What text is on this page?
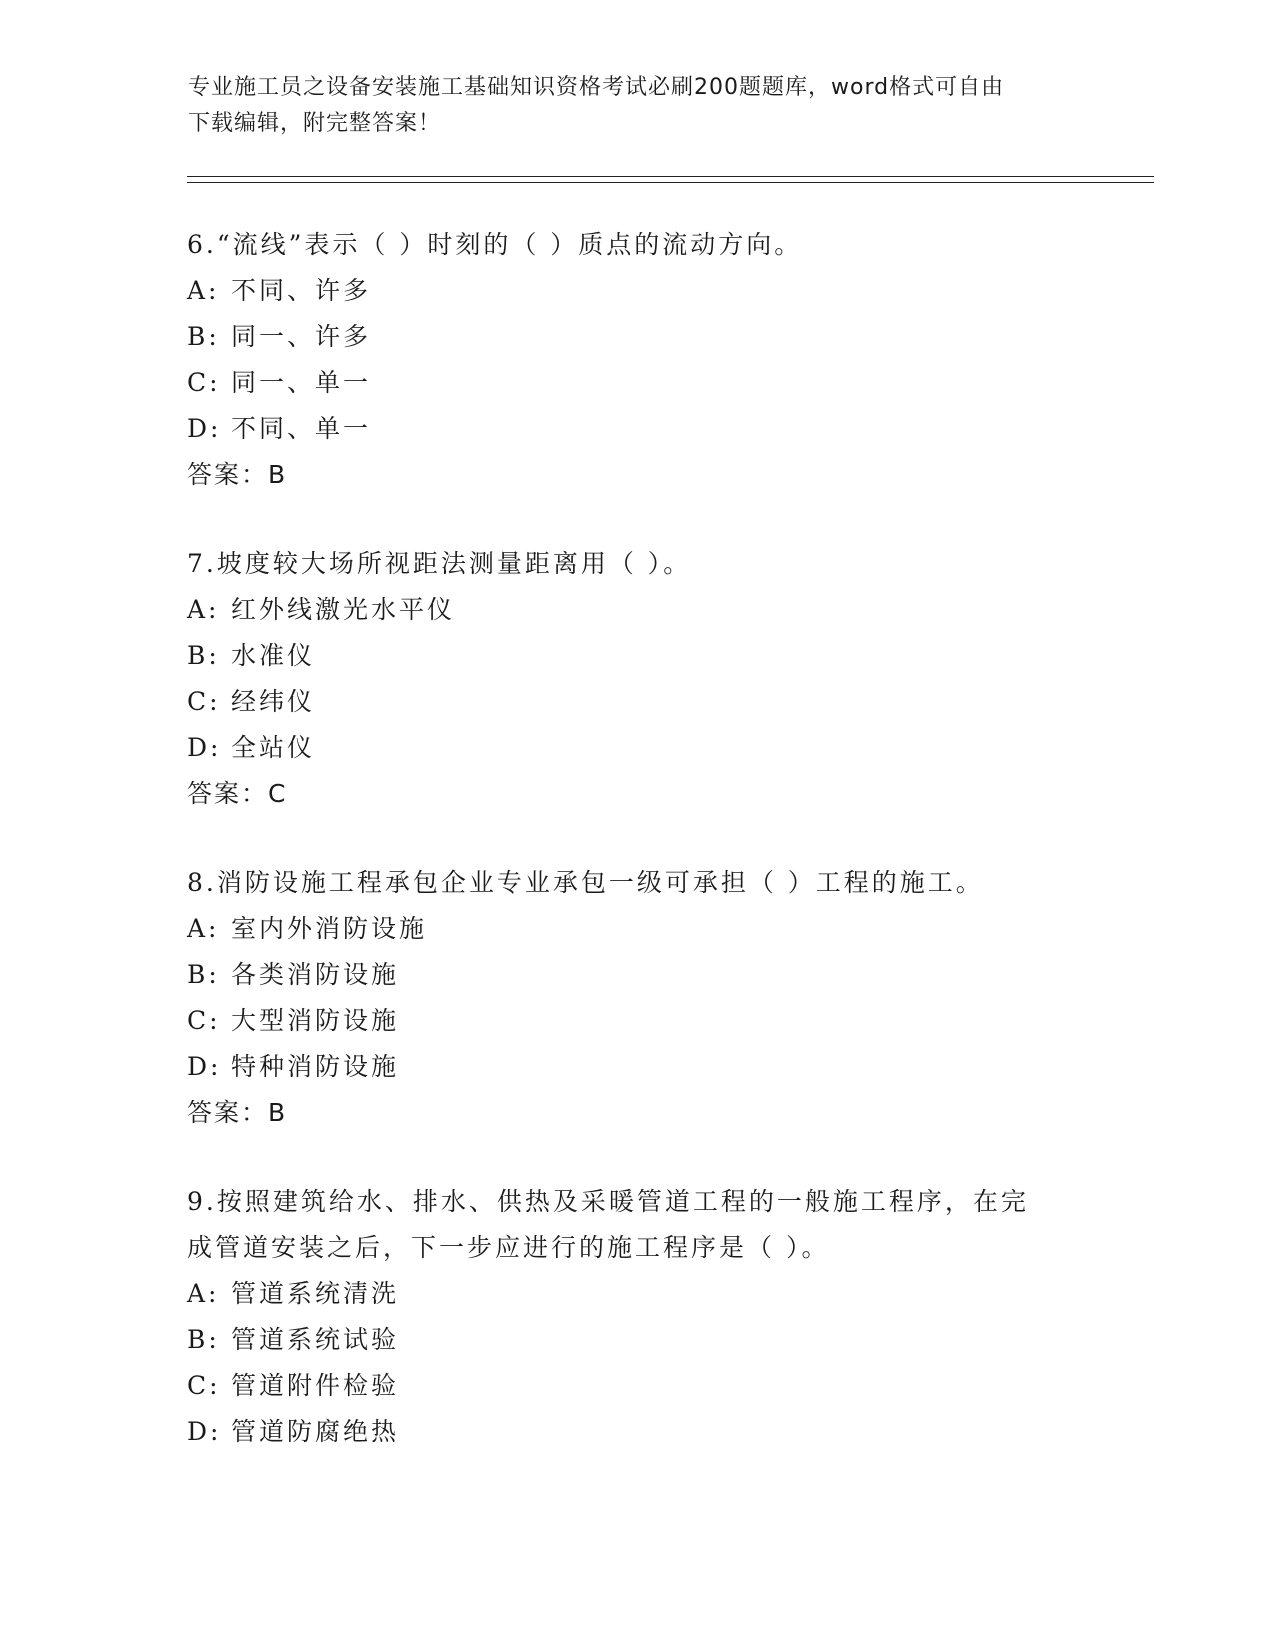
专业施工员之设备安装施工基础知识资格考试必刷200题题库，word格式可自由
下载编辑，附完整答案！
6.“流线”表示（ ）时刻的（ ）质点的流动方向。
A: 不同、许多
B: 同一、许多
C: 同一、单一
D: 不同、单一
答案：B
7.坡度较大场所视距法测量距离用（ ）。
A: 红外线激光水平仪
B: 水准仪
C: 经纬仪
D: 全站仪
答案：C
8.消防设施工程承包企业专业承包一级可承担（ ）工程的施工。
A: 室内外消防设施
B: 各类消防设施
C: 大型消防设施
D: 特种消防设施
答案：B
9.按照建筑给水、排水、供热及采暖管道工程的一般施工程序，在完
成管道安装之后，下一步应进行的施工程序是（ ）。
A: 管道系统清洗
B: 管道系统试验
C: 管道附件检验
D: 管道防腐绝热
